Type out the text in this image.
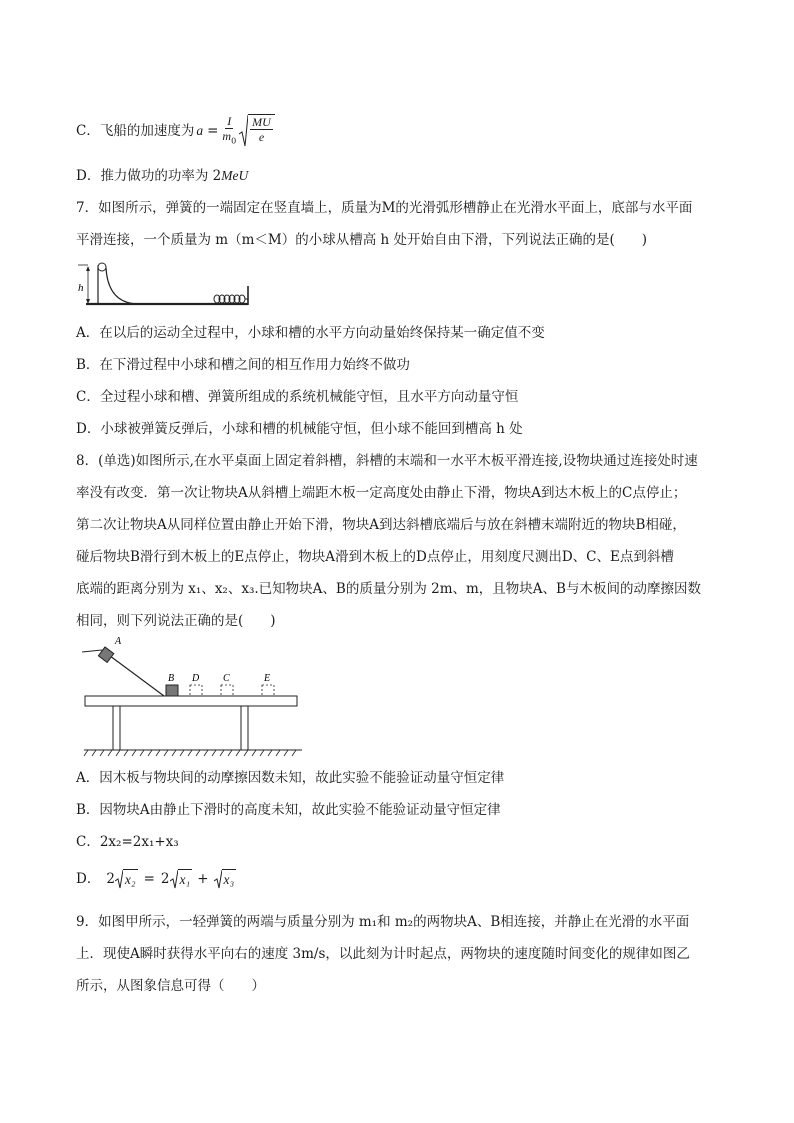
C．飞船的加速度为 $a = \frac{I}{m_0} \frac{MU}{e}$
D．推力做功的功率为 2MeU
7．如图所示，弹簧的一端固定在竖直墙上，质量为M的光滑弧形槽静止在光滑水平面上，底部与水平面
平滑连接，一个质量为 m（m＜M）的小球从槽高 h 处开始自由下滑，下列说法正确的是(　　)
h
A．在以后的运动全过程中，小球和槽的水平方向动量始终保持某一确定值不变
B．在下滑过程中小球和槽之间的相互作用力始终不做功
C．全过程小球和槽、弹簧所组成的系统机械能守恒，且水平方向动量守恒
D．小球被弹簧反弹后，小球和槽的机械能守恒，但小球不能回到槽高 h 处
8．(单选)如图所示,在水平桌面上固定着斜槽，斜槽的末端和一水平木板平滑连接,设物块通过连接处时速
率没有改变．第一次让物块A从斜槽上端距木板一定高度处由静止下滑，物块A到达木板上的C点停止；
第二次让物块A从同样位置由静止开始下滑，物块A到达斜槽底端后与放在斜槽末端附近的物块B相碰，
碰后物块B滑行到木板上的E点停止，物块A滑到木板上的D点停止，用刻度尺测出D、C、E点到斜槽
底端的距离分别为 x₁、x₂、x₃.已知物块A、B的质量分别为 2m、m，且物块A、B与木板间的动摩擦因数
相同，则下列说法正确的是(　　)
A
B D C	E
A．因木板与物块间的动摩擦因数未知，故此实验不能验证动量守恒定律
B．因物块A由静止下滑时的高度未知，故此实验不能验证动量守恒定律
C．2x₂=2x₁+x₃
D． 2 x₂ = 2 x₁ + x₃
9．如图甲所示，一轻弹簧的两端与质量分别为 m₁和 m₂的两物块A、B相连接，并静止在光滑的水平面
上．现使A瞬时获得水平向右的速度 3m/s，以此刻为计时起点，两物块的速度随时间变化的规律如图乙
所示，从图象信息可得（　　）
